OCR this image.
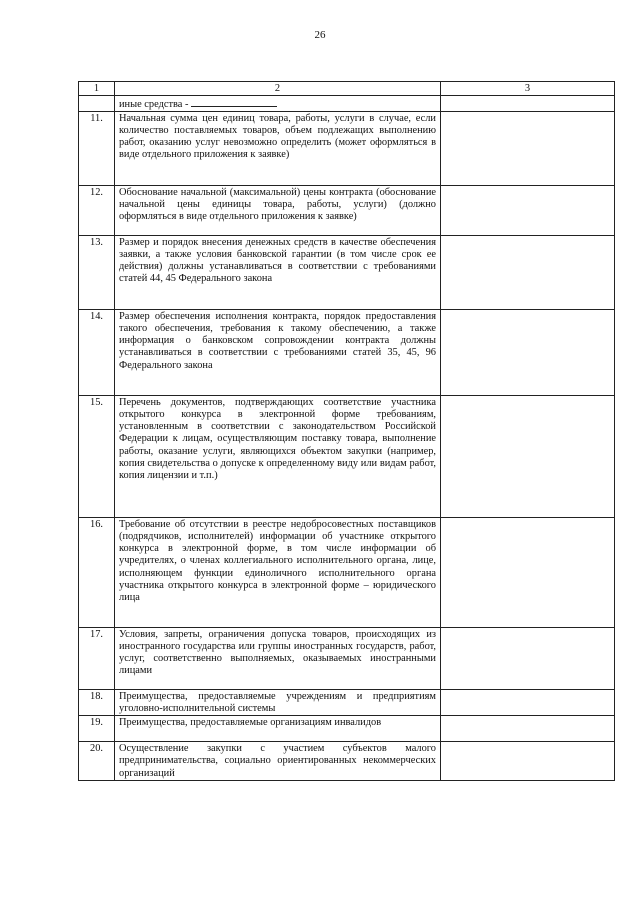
26
1	2	3
	иные средства -	
11.	Начальная сумма цен единиц товара, работы, услуги в случае, если количество поставляемых товаров, объем подлежащих выполнению работ, оказанию услуг невозможно определить (может оформляться в виде отдельного приложения к заявке)	
12.	Обоснование начальной (максимальной) цены контракта (обоснование начальной цены единицы товара, работы, услуги) (должно оформляться в виде отдельного приложения к заявке)	
13.	Размер и порядок внесения денежных средств в качестве обеспечения заявки, а также условия банковской гарантии (в том числе срок ее действия) должны устанавливаться в соответствии с требованиями статей 44, 45 Федерального закона	
14.	Размер обеспечения исполнения контракта, порядок предоставления такого обеспечения, требования к такому обеспечению, а также информация о банковском сопровождении контракта должны устанавливаться в соответствии с требованиями статей 35, 45, 96 Федерального закона	
15.	Перечень документов, подтверждающих соответствие участника открытого конкурса в электронной форме требованиям, установленным в соответствии с законодательством Российской Федерации к лицам, осуществляющим поставку товара, выполнение работы, оказание услуги, являющихся объектом закупки (например, копия свидетельства о допуске к определенному виду или видам работ, копия лицензии и т.п.)	
16.	Требование об отсутствии в реестре недобросовестных поставщиков (подрядчиков, исполнителей) информации об участнике открытого конкурса в электронной форме, в том числе информации об учредителях, о членах коллегиального исполнительного органа, лице, исполняющем функции единоличного исполнительного органа участника открытого конкурса в электронной форме – юридического лица	
17.	Условия, запреты, ограничения допуска товаров, происходящих из иностранного государства или группы иностранных государств, работ, услуг, соответственно выполняемых, оказываемых иностранными лицами	
18.	Преимущества, предоставляемые учреждениям и предприятиям уголовно-исполнительной системы	
19.	Преимущества, предоставляемые организациям инвалидов	
20.	Осуществление закупки с участием субъектов малого предпринимательства, социально ориентированных некоммерческих организаций	
